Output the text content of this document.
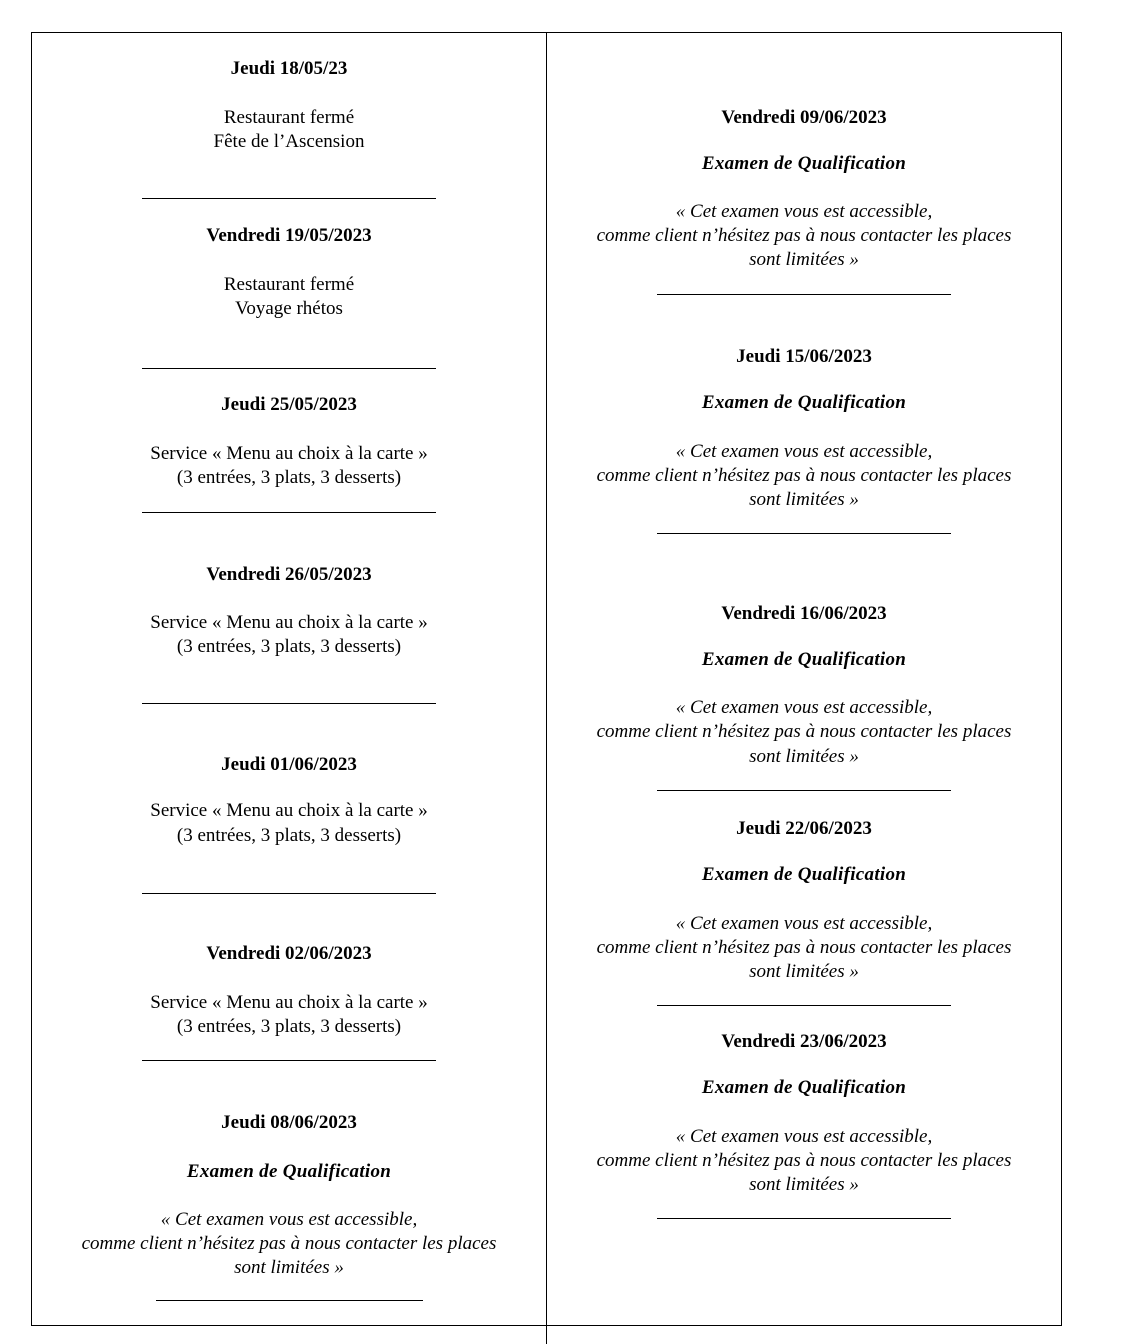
Jeudi 18/05/23
Restaurant fermé
Fête de l’Ascension
Vendredi 19/05/2023
Restaurant fermé
Voyage rhétos
Jeudi 25/05/2023
Service « Menu au choix à la carte »
(3 entrées, 3 plats, 3 desserts)
Vendredi 26/05/2023
Service « Menu au choix à la carte »
(3 entrées, 3 plats, 3 desserts)
Jeudi 01/06/2023
Service « Menu au choix à la carte »
(3 entrées, 3 plats, 3 desserts)
Vendredi 02/06/2023
Service « Menu au choix à la carte »
(3 entrées, 3 plats, 3 desserts)
Jeudi 08/06/2023
Examen de Qualification
« Cet examen vous est accessible,
comme client n’hésitez pas à nous contacter les places
sont limitées »
Vendredi 09/06/2023
Examen de Qualification
« Cet examen vous est accessible,
comme client n’hésitez pas à nous contacter les places
sont limitées »
Jeudi 15/06/2023
Examen de Qualification
« Cet examen vous est accessible,
comme client n’hésitez pas à nous contacter les places
sont limitées »
Vendredi 16/06/2023
Examen de Qualification
« Cet examen vous est accessible,
comme client n’hésitez pas à nous contacter les places
sont limitées »
Jeudi 22/06/2023
Examen de Qualification
« Cet examen vous est accessible,
comme client n’hésitez pas à nous contacter les places
sont limitées »
Vendredi 23/06/2023
Examen de Qualification
« Cet examen vous est accessible,
comme client n’hésitez pas à nous contacter les places
sont limitées »
